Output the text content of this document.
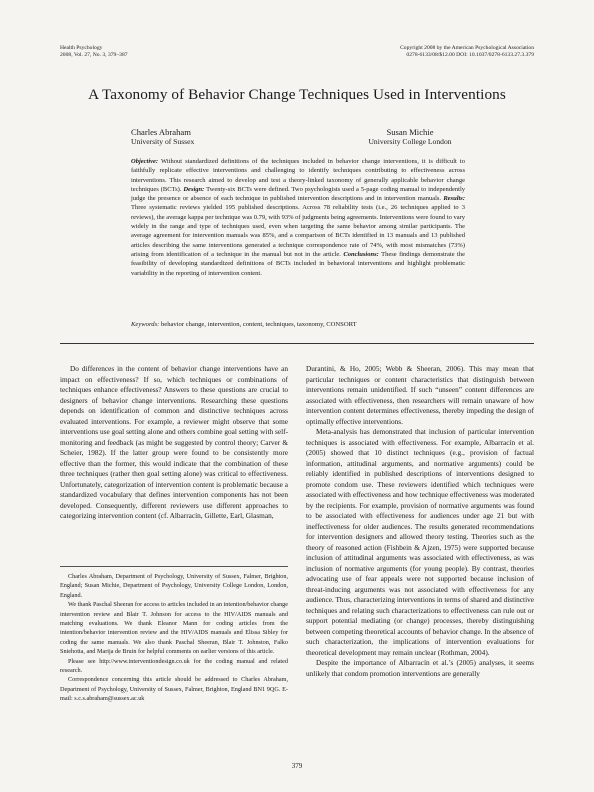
Health Psychology
2008, Vol. 27, No. 3, 379–387
Copyright 2008 by the American Psychological Association
0278-6133/08/$12.00 DOI: 10.1037/0278-6133.27.3.379
A Taxonomy of Behavior Change Techniques Used in Interventions
Charles Abraham
University of Sussex
Susan Michie
University College London
Objective: Without standardized definitions of the techniques included in behavior change interventions, it is difficult to faithfully replicate effective interventions and challenging to identify techniques contributing to effectiveness across interventions. This research aimed to develop and test a theory-linked taxonomy of generally applicable behavior change techniques (BCTs). Design: Twenty-six BCTs were defined. Two psychologists used a 5-page coding manual to independently judge the presence or absence of each technique in published intervention descriptions and in intervention manuals. Results: Three systematic reviews yielded 195 published descriptions. Across 78 reliability tests (i.e., 26 techniques applied to 3 reviews), the average kappa per technique was 0.79, with 93% of judgments being agreements. Interventions were found to vary widely in the range and type of techniques used, even when targeting the same behavior among similar participants. The average agreement for intervention manuals was 85%, and a comparison of BCTs identified in 13 manuals and 13 published articles describing the same interventions generated a technique correspondence rate of 74%, with most mismatches (73%) arising from identification of a technique in the manual but not in the article. Conclusions: These findings demonstrate the feasibility of developing standardized definitions of BCTs included in behavioral interventions and highlight problematic variability in the reporting of intervention content.
Keywords: behavior change, intervention, content, techniques, taxonomy, CONSORT

Do differences in the content of behavior change interventions have an impact on effectiveness? If so, which techniques or combinations of techniques enhance effectiveness? Answers to these questions are crucial to designers of behavior change interventions. Researching these questions depends on identification of common and distinctive techniques across evaluated interventions. For example, a reviewer might observe that some interventions use goal setting alone and others combine goal setting with self-monitoring and feedback (as might be suggested by control theory; Carver & Scheier, 1982). If the latter group were found to be consistently more effective than the former, this would indicate that the combination of these three techniques (rather then goal setting alone) was critical to effectiveness. Unfortunately, categorization of intervention content is problematic because a standardized vocabulary that defines intervention components has not been developed. Consequently, different reviewers use different approaches to categorizing intervention content (cf. Albarracín, Gillette, Earl, Glasman,

Charles Abraham, Department of Psychology, University of Sussex, Falmer, Brighton, England; Susan Michie, Department of Psychology, University College London, London, England.

We thank Paschal Sheeran for access to articles included in an intention/behavior change intervention review and Blair T. Johnson for access to the HIV/AIDS manuals and matching evaluations. We thank Eleanor Mann for coding articles from the intention/behavior intervention review and the HIV/AIDS manuals and Elissa Sibley for coding the same manuals. We also thank Paschal Sheeran, Blair T. Johnston, Falko Sniehotta, and Marija de Bruin for helpful comments on earlier versions of this article.

Please see http://www.interventiondesign.co.uk for the coding manual and related research.

Correspondence concerning this article should be addressed to Charles Abraham, Department of Psychology, University of Sussex, Falmer, Brighton, England BN1 9QG. E-mail: s.c.s.abraham@sussex.ac.uk

Durantini, & Ho, 2005; Webb & Sheeran, 2006). This may mean that particular techniques or content characteristics that distinguish between interventions remain unidentified. If such “unseen” content differences are associated with effectiveness, then researchers will remain unaware of how intervention content determines effectiveness, thereby impeding the design of optimally effective interventions.

Meta-analysis has demonstrated that inclusion of particular intervention techniques is associated with effectiveness. For example, Albarracín et al. (2005) showed that 10 distinct techniques (e.g., provision of factual information, attitudinal arguments, and normative arguments) could be reliably identified in published descriptions of interventions designed to promote condom use. These reviewers identified which techniques were associated with effectiveness and how technique effectiveness was moderated by the recipients. For example, provision of normative arguments was found to be associated with effectiveness for audiences under age 21 but with ineffectiveness for older audiences. The results generated recommendations for intervention designers and allowed theory testing. Theories such as the theory of reasoned action (Fishbein & Ajzen, 1975) were supported because inclusion of attitudinal arguments was associated with effectiveness, as was inclusion of normative arguments (for young people). By contrast, theories advocating use of fear appeals were not supported because inclusion of threat-inducing arguments was not associated with effectiveness for any audience. Thus, characterizing interventions in terms of shared and distinctive techniques and relating such characterizations to effectiveness can rule out or support potential mediating (or change) processes, thereby distinguishing between competing theoretical accounts of behavior change. In the absence of such characterization, the implications of intervention evaluations for theoretical development may remain unclear (Rothman, 2004).

Despite the importance of Albarracín et al.’s (2005) analyses, it seems unlikely that condom promotion interventions are generally

379
